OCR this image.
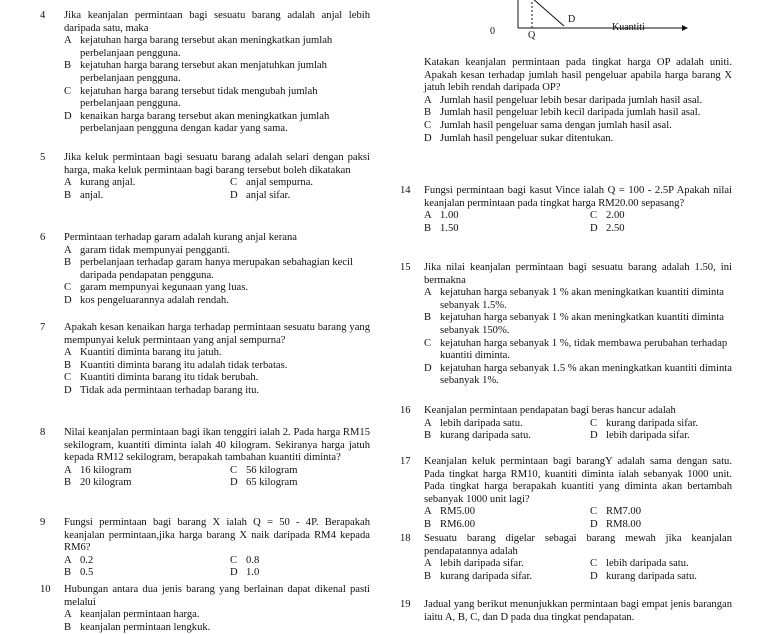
0	Q
D
Kuantiti
4 Jika keanjalan permintaan bagi sesuatu barang adalah anjal lebih daripada satu, maka
A kejatuhan harga barang tersebut akan meningkatkan jumlah perbelanjaan pengguna.
B kejatuhan harga barang tersebut akan menjatuhkan jumlah perbelanjaan pengguna.
C kejatuhan harga barang tersebut tidak mengubah jumlah perbelanjaan pengguna.
D kenaikan harga barang tersebut akan meningkatkan jumlah perbelanjaan pengguna dengan kadar yang sama.
5 Jika keluk permintaan bagi sesuatu barang adalah selari dengan paksi harga, maka keluk permintaan bagi barang tersebut boleh dikatakan
A kurang anjal.	C anjal sempurna.
B anjal.	D anjal sifar.
6 Permintaan terhadap garam adalah kurang anjal kerana
A garam tidak mempunyai pengganti.
B perbelanjaan terhadap garam hanya merupakan sebahagian kecil daripada pendapatan pengguna.
C garam mempunyai kegunaan yang luas.
D kos pengeluarannya adalah rendah.
7 Apakah kesan kenaikan harga terhadap permintaan sesuatu barang yang mempunyai keluk permintaan yang anjal sempurna?
A Kuantiti diminta barang itu jatuh.
B Kuantiti diminta barang itu adalah tidak terbatas.
C Kuantiti diminta barang itu tidak berubah.
D Tidak ada permintaan terhadap barang itu.
8 Nilai keanjalan permintaan bagi ikan tenggiri ialah 2. Pada harga RM15 sekilogram, kuantiti diminta ialah 40 kilogram. Sekiranya harga jatuh kepada RM12 sekilogram, berapakah tambahan kuantiti diminta?
A 16 kilogram	C 56 kilogram
B 20 kilogram	D 65 kilogram
9 Fungsi permintaan bagi barang X ialah Q = 50 - 4P. Berapakah keanjalan permintaan,jika harga barang X naik daripada RM4 kepada RM6?
A 0.2	C 0.8
B 0.5	D 1.0
10 Hubungan antara dua jenis barang yang berlainan dapat dikenal pasti melalui
A keanjalan permintaan harga.
B keanjalan permintaan lengkuk.
Katakan keanjalan permintaan pada tingkat harga OP adalah uniti. Apakah kesan terhadap jumlah hasil pengeluar apabila harga barang X jatuh lebih rendah daripada OP?
A Jumlah hasil pengeluar lebih besar daripada jumlah hasil asal.
B Jumlah hasil pengeluar lebih kecil daripada jumlah hasil asal.
C Jumlah hasil pengeluar sama dengan jumlah hasil asal.
D Jumlah hasil pengeluar sukar ditentukan.
14 Fungsi permintaan bagi kasut Vince ialah Q = 100 - 2.5P Apakah nilai keanjalan permintaan pada tingkat harga RM20.00 sepasang?
A 1.00	C 2.00
B 1.50	D 2.50
15 Jika nilai keanjalan permintaan bagi sesuatu barang adalah 1.50, ini bermakna
A kejatuhan harga sebanyak 1 % akan meningkatkan kuantiti diminta sebanyak 1.5%.
B kejatuhan harga sebanyak 1 % akan meningkatkan kuantiti diminta sebanyak 150%.
C kejatuhan harga sebanyak 1 %, tidak membawa perubahan terhadap kuantiti diminta.
D kejatuhan harga sebanyak 1.5 % akan meningkatkan kuantiti diminta sebanyak 1%.
16 Keanjalan permintaan pendapatan bagi beras hancur adalah
A lebih daripada satu.	C kurang daripada sifar.
B kurang daripada satu.	D lebih daripada sifar.
17 Keanjalan keluk permintaan bagi barangY adalah sama dengan satu. Pada tingkat harga RM10, kuantiti diminta ialah sebanyak 1000 unit. Pada tingkat harga berapakah kuantiti yang diminta akan bertambah sebanyak 1000 unit lagi?
A RM5.00	C RM7.00
B RM6.00	D RM8.00
18 Sesuatu barang digelar sebagai barang mewah jika keanjalan pendapatannya adalah
A lebih daripada sifar.	C lebih daripada satu.
B kurang daripada sifar.	D kurang daripada satu.
19 Jadual yang berikut menunjukkan permintaan bagi empat jenis barangan iaitu A, B, C, dan D pada dua tingkat pendapatan.
